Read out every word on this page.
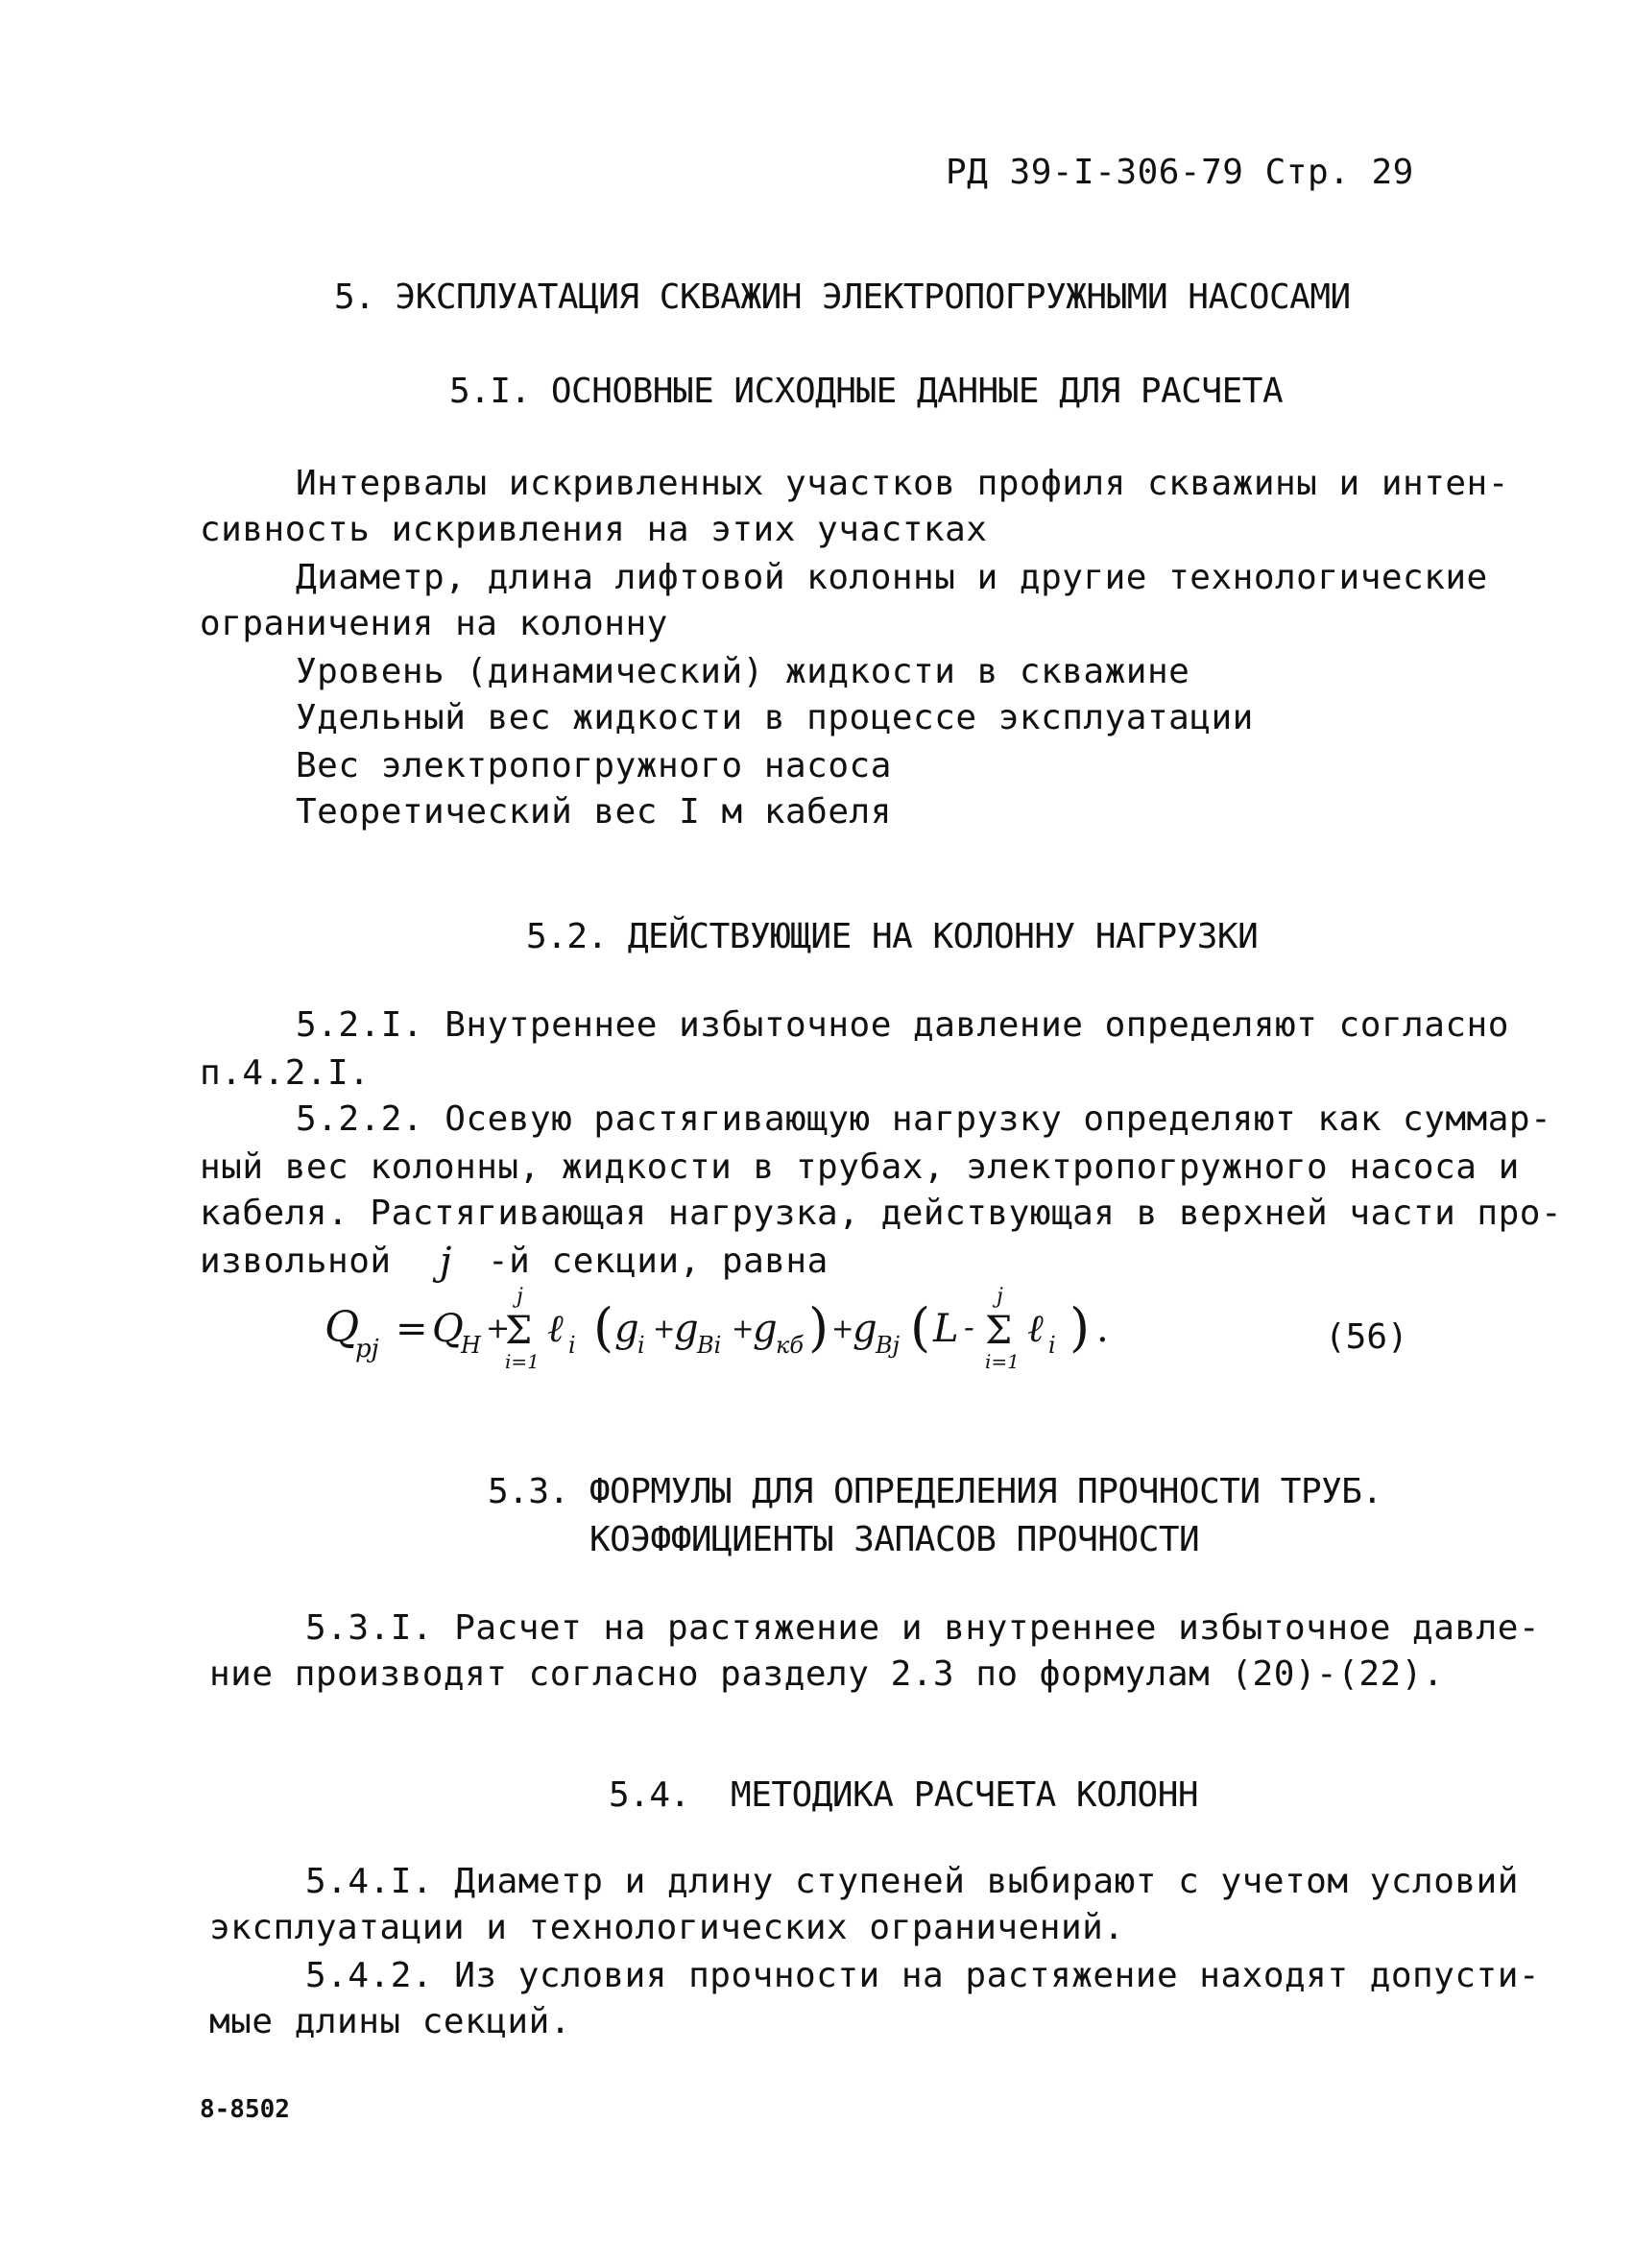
РД 39-I-306-79 Стр. 29
5. ЭКСПЛУАТАЦИЯ СКВАЖИН ЭЛЕКТРОПОГРУЖНЫМИ НАСОСАМИ
5.I. ОСНОВНЫЕ ИСХОДНЫЕ ДАННЫЕ ДЛЯ РАСЧЕТА
Интервалы искривленных участков профиля скважины и интен-
сивность искривления на этих участках
Диаметр, длина лифтовой колонны и другие технологические
ограничения на колонну
Уровень (динамический) жидкости в скважине
Удельный вес жидкости в процессе эксплуатации
Вес электропогружного насоса
Теоретический вес I м кабеля
5.2. ДЕЙСТВУЮЩИЕ НА КОЛОННУ НАГРУЗКИ
5.2.I. Внутреннее избыточное давление определяют согласно
п.4.2.I.
5.2.2. Осевую растягивающую нагрузку определяют как суммар-
ный вес колонны, жидкости в трубах, электропогружного насоса и
кабеля. Растягивающая нагрузка, действующая в верхней части про-
извольной j -й секции, равна
Q
pj = Q
H +
Σ
j
i=1
ℓ i ( g
i
+
g
Bi
+
g
кб ) +
g
Bj ( L - Σ
j
i=1
ℓ i ) .	(56)
5.3. ФОРМУЛЫ ДЛЯ ОПРЕДЕЛЕНИЯ ПРОЧНОСТИ ТРУБ.
КОЭФФИЦИЕНТЫ ЗАПАСОВ ПРОЧНОСТИ
5.3.I. Расчет на растяжение и внутреннее избыточное давле-
ние производят согласно разделу 2.3 по формулам (20)-(22).
5.4.  МЕТОДИКА РАСЧЕТА КОЛОНН
5.4.I. Диаметр и длину ступеней выбирают с учетом условий
эксплуатации и технологических ограничений.
5.4.2. Из условия прочности на растяжение находят допусти-
мые длины секций.
8-8502
